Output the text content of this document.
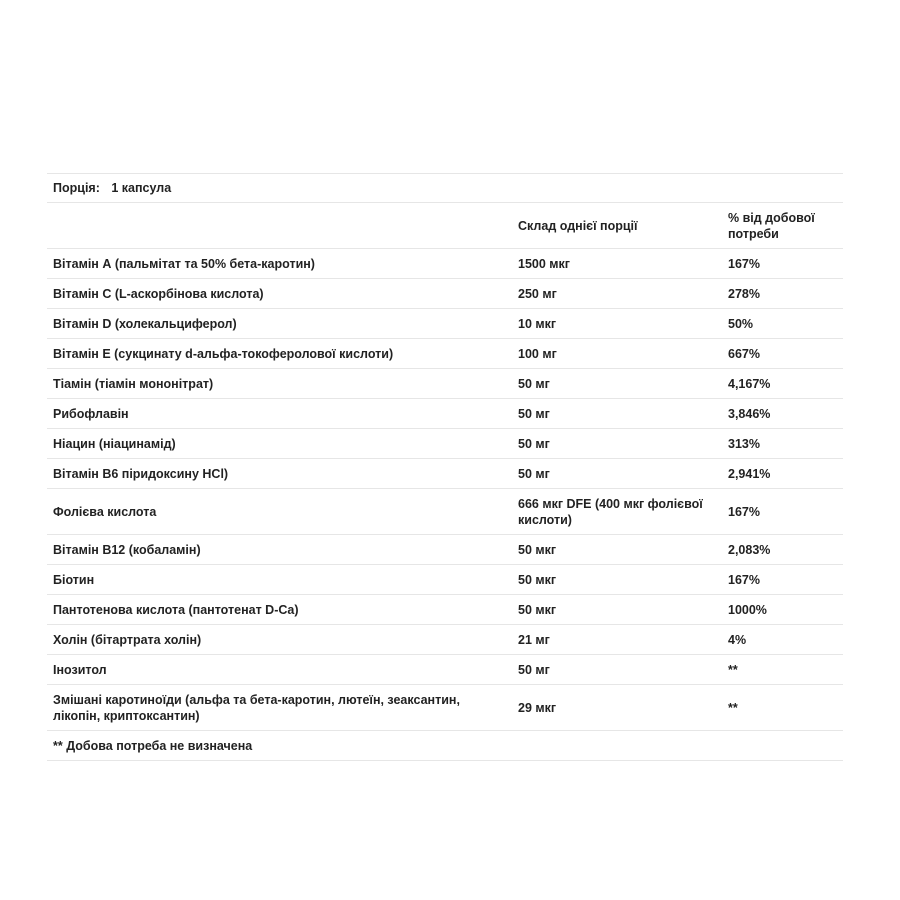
Порція: 1 капсула		
	Склад однієї порції	% від добової потреби
Вітамін А (пальмітат та 50% бета-каротин)	1500 мкг	167%
Вітамін С (L-аскорбінова кислота)	250 мг	278%
Вітамін D (холекальциферол)	10 мкг	50%
Вітамін Е (сукцинату d-альфа-токоферолової кислоти)	100 мг	667%
Тіамін (тіамін мононітрат)	50 мг	4,167%
Рибофлавін	50 мг	3,846%
Ніацин (ніацинамід)	50 мг	313%
Вітамін В6 піридоксину HCl)	50 мг	2,941%
Фолієва кислота	666 мкг DFE (400 мкг фолієвої кислоти)	167%
Вітамін В12 (кобаламін)	50 мкг	2,083%
Біотин	50 мкг	167%
Пантотенова кислота (пантотенат D-Ca)	50 мкг	1000%
Холін (бітартрата холін)	21 мг	4%
Інозитол	50 мг	**
Змішані каротиноїди (альфа та бета-каротин, лютеїн, зеаксантин, лікопін, криптоксантин)	29 мкг	**
** Добова потреба не визначена		
